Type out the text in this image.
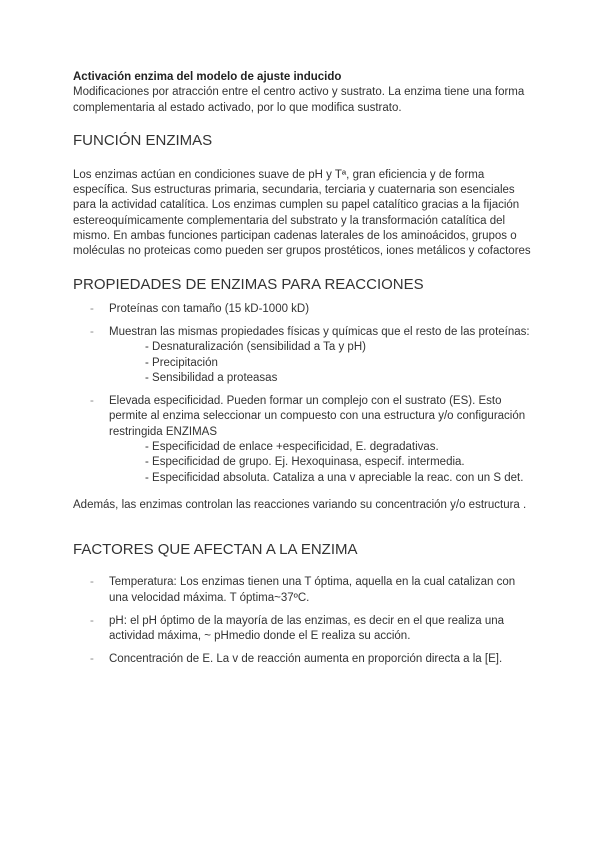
Activación enzima del modelo de ajuste inducido

Modificaciones por atracción entre el centro activo y sustrato. La enzima tiene una forma complementaria al estado activado, por lo que modifica sustrato.

FUNCIÓN ENZIMAS

Los enzimas actúan en condiciones suave de pH y Tª, gran eficiencia y de forma específica. Sus estructuras primaria, secundaria, terciaria y cuaternaria son esenciales para la actividad catalítica. Los enzimas cumplen su papel catalítico gracias a la fijación estereoquímicamente complementaria del substrato y la transformación catalítica del mismo. En ambas funciones participan cadenas laterales de los aminoácidos, grupos o moléculas no proteicas como pueden ser grupos prostéticos, iones metálicos y cofactores

PROPIEDADES DE ENZIMAS PARA REACCIONES

- Proteínas con tamaño (15 kD-1000 kD)
- Muestran las mismas propiedades físicas y químicas que el resto de las proteínas:
- Desnaturalización (sensibilidad a Ta y pH)
- Precipitación
- Sensibilidad a proteasas
- Elevada especificidad. Pueden formar un complejo con el sustrato (ES). Esto permite al enzima seleccionar un compuesto con una estructura y/o configuración restringida ENZIMAS
- Especificidad de enlace +especificidad, E. degradativas.
- Especificidad de grupo. Ej. Hexoquinasa, especif. intermedia.
- Especificidad absoluta. Cataliza a una v apreciable la reac. con un S det.

Además, las enzimas controlan las reacciones variando su concentración y/o estructura .

FACTORES QUE AFECTAN A LA ENZIMA

- Temperatura: Los enzimas tienen una T óptima, aquella en la cual catalizan con una velocidad máxima. T óptima~37ºC.
- pH: el pH óptimo de la mayoría de las enzimas, es decir en el que realiza una actividad máxima, ~ pHmedio donde el E realiza su acción.
- Concentración de E. La v de reacción aumenta en proporción directa a la [E].
